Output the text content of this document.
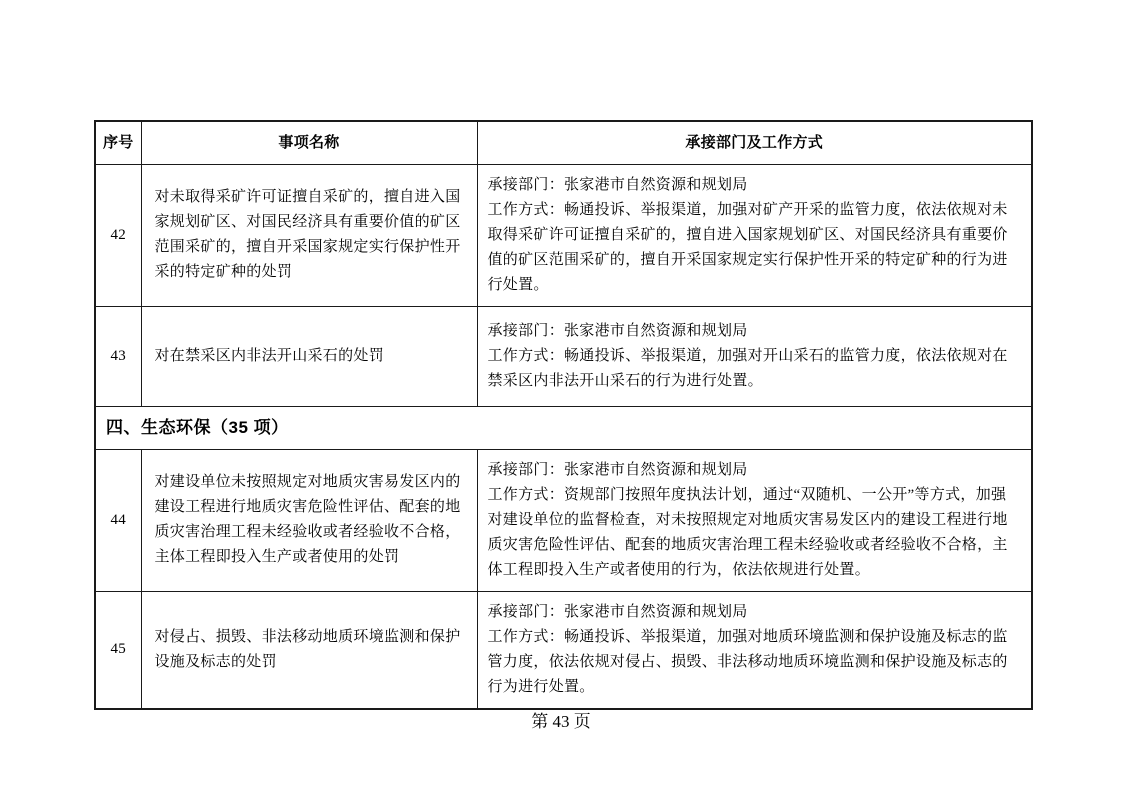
序号	事项名称	承接部门及工作方式
42	对未取得采矿许可证擅自采矿的，擅自进入国家规划矿区、对国民经济具有重要价值的矿区范围采矿的，擅自开采国家规定实行保护性开采的特定矿种的处罚	承接部门：张家港市自然资源和规划局
工作方式：畅通投诉、举报渠道，加强对矿产开采的监管力度，依法依规对未取得采矿许可证擅自采矿的，擅自进入国家规划矿区、对国民经济具有重要价值的矿区范围采矿的，擅自开采国家规定实行保护性开采的特定矿种的行为进行处置。

43	对在禁采区内非法开山采石的处罚	承接部门：张家港市自然资源和规划局
工作方式：畅通投诉、举报渠道，加强对开山采石的监管力度，依法依规对在禁采区内非法开山采石的行为进行处置。

四、生态环保（35 项）		
44	对建设单位未按照规定对地质灾害易发区内的建设工程进行地质灾害危险性评估、配套的地质灾害治理工程未经验收或者经验收不合格，主体工程即投入生产或者使用的处罚	承接部门：张家港市自然资源和规划局
工作方式：资规部门按照年度执法计划，通过“双随机、一公开”等方式，加强对建设单位的监督检查，对未按照规定对地质灾害易发区内的建设工程进行地质灾害危险性评估、配套的地质灾害治理工程未经验收或者经验收不合格，主体工程即投入生产或者使用的行为，依法依规进行处置。

45	对侵占、损毁、非法移动地质环境监测和保护设施及标志的处罚	承接部门：张家港市自然资源和规划局
工作方式：畅通投诉、举报渠道，加强对地质环境监测和保护设施及标志的监管力度，依法依规对侵占、损毁、非法移动地质环境监测和保护设施及标志的行为进行处置。
第 43 页
